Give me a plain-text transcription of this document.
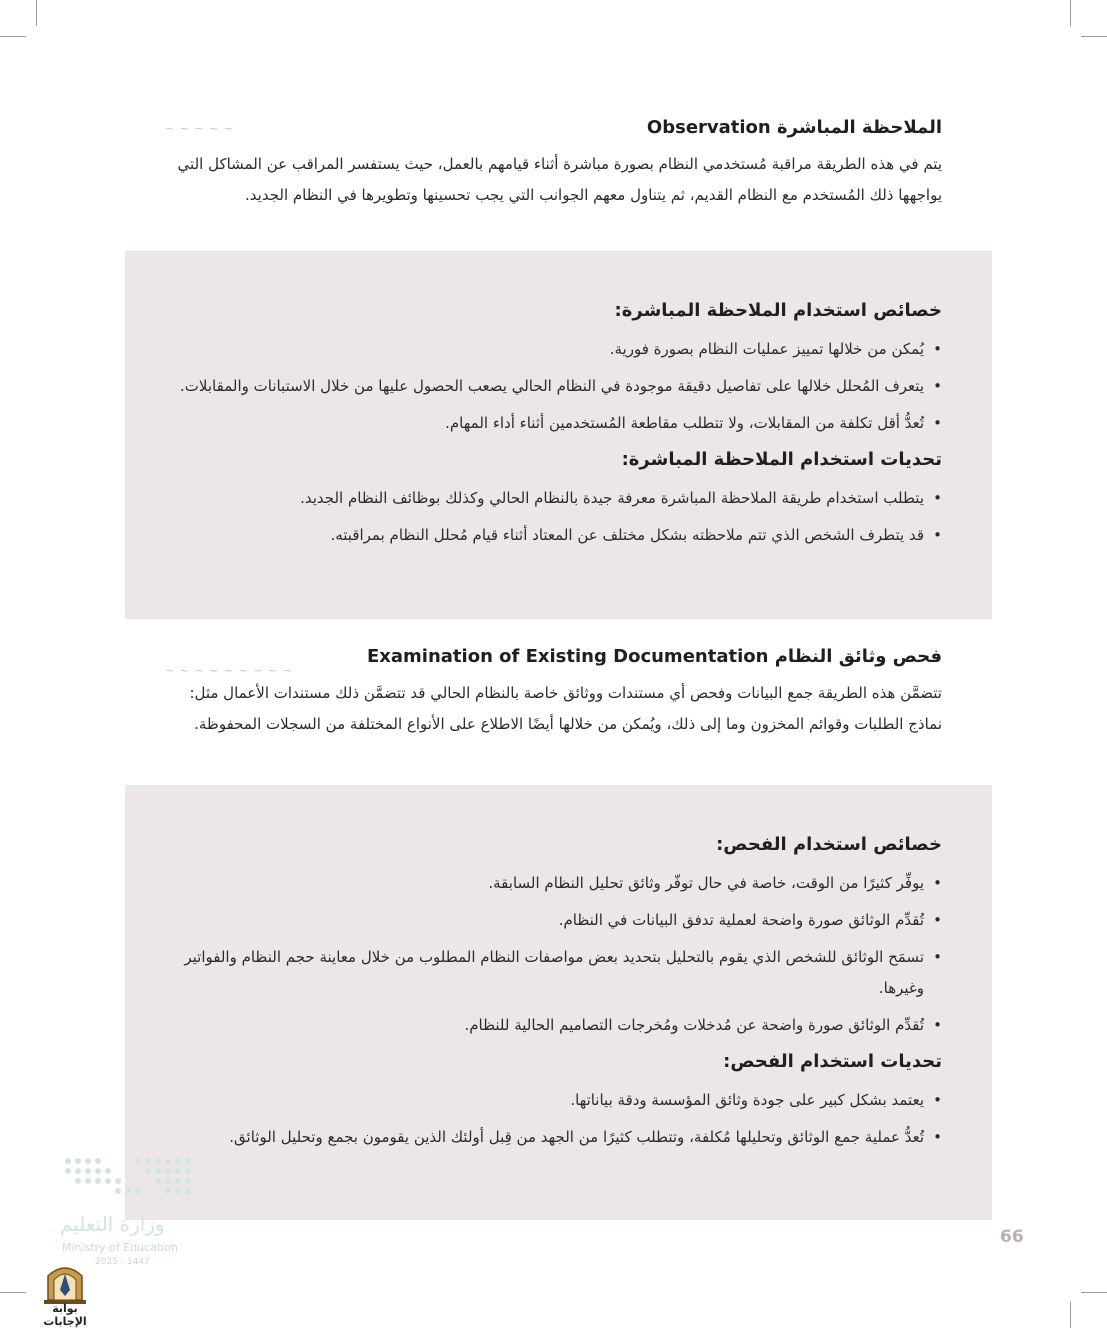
~ ~ ~ ~ ~
~ ~ ~ ~ ~ ~ ~ ~ ~
الملاحظة المباشرة Observation

يتم في هذه الطريقة مراقبة مُستخدمي النظام بصورة مباشرة أثناء قيامهم بالعمل، حيث يستفسر المراقب عن المشاكل التي يواجهها ذلك المُستخدم مع النظام القديم، ثم يتناول معهم الجوانب التي يجب تحسينها وتطويرها في النظام الجديد.

خصائص استخدام الملاحظة المباشرة:
• يُمكن من خلالها تمييز عمليات النظام بصورة فورية.
• يتعرف المُحلل خلالها على تفاصيل دقيقة موجودة في النظام الحالي يصعب الحصول عليها من خلال الاستبانات والمقابلات.
• تُعدُّ أقل تكلفة من المقابلات، ولا تتطلب مقاطعة المُستخدمين أثناء أداء المهام.
تحديات استخدام الملاحظة المباشرة:
• يتطلب استخدام طريقة الملاحظة المباشرة معرفة جيدة بالنظام الحالي وكذلك بوظائف النظام الجديد.
• قد يتطرف الشخص الذي تتم ملاحظته بشكل مختلف عن المعتاد أثناء قيام مُحلل النظام بمراقبته.
فحص وثائق النظام Examination of Existing Documentation

تتضمَّن هذه الطريقة جمع البيانات وفحص أي مستندات ووثائق خاصة بالنظام الحالي قد تتضمَّن ذلك مستندات الأعمال مثل: نماذج الطلبات وقوائم المخزون وما إلى ذلك، ويُمكن من خلالها أيضًا الاطلاع على الأنواع المختلفة من السجلات المحفوظة.

خصائص استخدام الفحص:
• يوفِّر كثيرًا من الوقت، خاصة في حال توفّر وثائق تحليل النظام السابقة.
• تُقدِّم الوثائق صورة واضحة لعملية تدفق البيانات في النظام.
• تسمَح الوثائق للشخص الذي يقوم بالتحليل بتحديد بعض مواصفات النظام المطلوب من خلال معاينة حجم النظام والفواتير وغيرها.
• تُقدِّم الوثائق صورة واضحة عن مُدخلات ومُخرجات التصاميم الحالية للنظام.
تحديات استخدام الفحص:
• يعتمد بشكل كبير على جودة وثائق المؤسسة ودقة بياناتها.
• تُعدُّ عملية جمع الوثائق وتحليلها مُكلفة، وتتطلب كثيرًا من الجهد من قِبل أولئك الذين يقومون بجمع وتحليل الوثائق.
66
وزارة التعليم
Ministry of Education
2025 - 1447
بوابة الإجابات
